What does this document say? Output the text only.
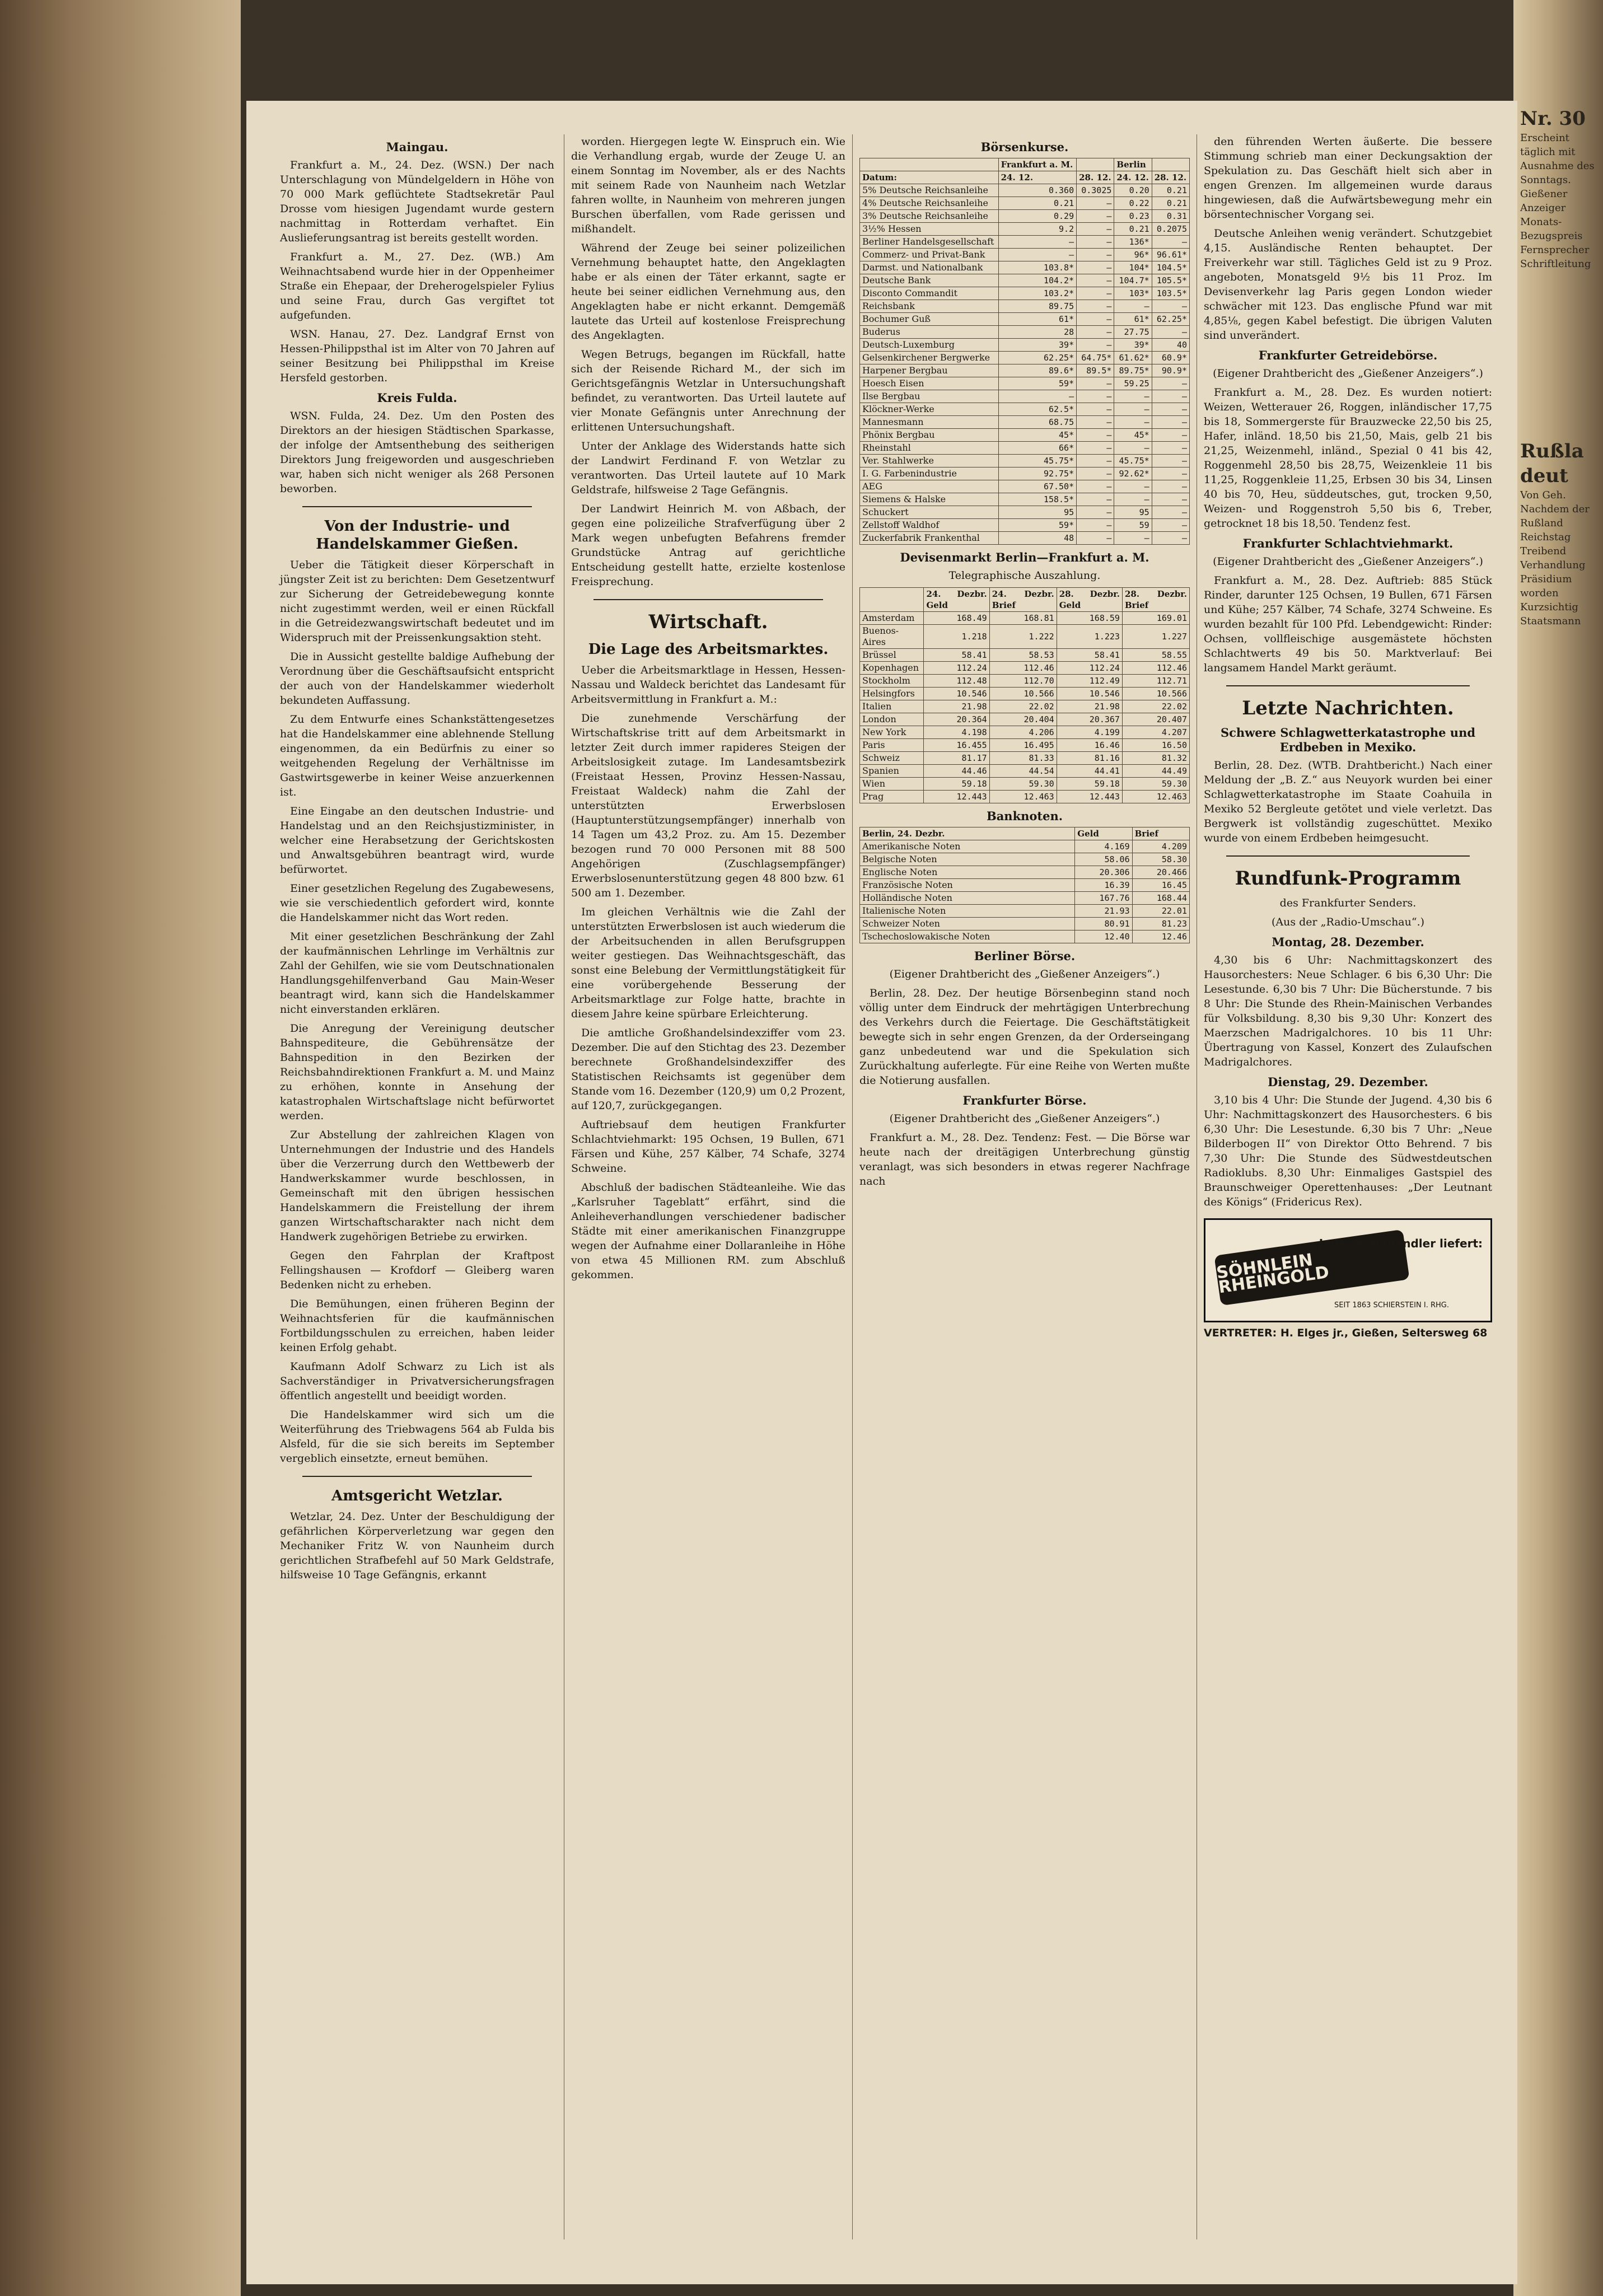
Maingau.

Frankfurt a. M., 24. Dez. (WSN.) Der nach Unterschlagung von Mündelgeldern in Höhe von 70 000 Mark geflüchtete Stadtsekretär Paul Drosse vom hiesigen Jugendamt wurde gestern nachmittag in Rotterdam verhaftet. Ein Auslieferungsantrag ist bereits gestellt worden.

Frankfurt a. M., 27. Dez. (WB.) Am Weihnachtsabend wurde hier in der Oppenheimer Straße ein Ehepaar, der Dreherogelspieler Fylius und seine Frau, durch Gas vergiftet tot aufgefunden.

WSN. Hanau, 27. Dez. Landgraf Ernst von Hessen-Philippsthal ist im Alter von 70 Jahren auf seiner Besitzung bei Philippsthal im Kreise Hersfeld gestorben.

Kreis Fulda.

WSN. Fulda, 24. Dez. Um den Posten des Direktors an der hiesigen Städtischen Sparkasse, der infolge der Amtsenthebung des seitherigen Direktors Jung freigeworden und ausgeschrieben war, haben sich nicht weniger als 268 Personen beworben.

Von der Industrie- und Handelskammer Gießen.

Ueber die Tätigkeit dieser Körperschaft in jüngster Zeit ist zu berichten: Dem Gesetzentwurf zur Sicherung der Getreidebewegung konnte nicht zugestimmt werden, weil er einen Rückfall in die Getreidezwangswirtschaft bedeutet und im Widerspruch mit der Preissenkungsaktion steht.

Die in Aussicht gestellte baldige Aufhebung der Verordnung über die Geschäftsaufsicht entspricht der auch von der Handelskammer wiederholt bekundeten Auffassung.

Zu dem Entwurfe eines Schankstättengesetzes hat die Handelskammer eine ablehnende Stellung eingenommen, da ein Bedürfnis zu einer so weitgehenden Regelung der Verhältnisse im Gastwirtsgewerbe in keiner Weise anzuerkennen ist.

Eine Eingabe an den deutschen Industrie- und Handelstag und an den Reichsjustizminister, in welcher eine Herabsetzung der Gerichtskosten und Anwaltsgebühren beantragt wird, wurde befürwortet.

Einer gesetzlichen Regelung des Zugabewesens, wie sie verschiedentlich gefordert wird, konnte die Handelskammer nicht das Wort reden.

Mit einer gesetzlichen Beschränkung der Zahl der kaufmännischen Lehrlinge im Verhältnis zur Zahl der Gehilfen, wie sie vom Deutschnationalen Handlungsgehilfenverband Gau Main-Weser beantragt wird, kann sich die Handelskammer nicht einverstanden erklären.

Die Anregung der Vereinigung deutscher Bahnspediteure, die Gebührensätze der Bahnspedition in den Bezirken der Reichsbahndirektionen Frankfurt a. M. und Mainz zu erhöhen, konnte in Ansehung der katastrophalen Wirtschaftslage nicht befürwortet werden.

Zur Abstellung der zahlreichen Klagen von Unternehmungen der Industrie und des Handels über die Verzerrung durch den Wettbewerb der Handwerkskammer wurde beschlossen, in Gemeinschaft mit den übrigen hessischen Handelskammern die Freistellung der ihrem ganzen Wirtschaftscharakter nach nicht dem Handwerk zugehörigen Betriebe zu erwirken.

Gegen den Fahrplan der Kraftpost Fellingshausen — Krofdorf — Gleiberg waren Bedenken nicht zu erheben.

Die Bemühungen, einen früheren Beginn der Weihnachtsferien für die kaufmännischen Fortbildungsschulen zu erreichen, haben leider keinen Erfolg gehabt.

Kaufmann Adolf Schwarz zu Lich ist als Sachverständiger in Privatversicherungsfragen öffentlich angestellt und beeidigt worden.

Die Handelskammer wird sich um die Weiterführung des Triebwagens 564 ab Fulda bis Alsfeld, für die sie sich bereits im September vergeblich einsetzte, erneut bemühen.

Amtsgericht Wetzlar.

Wetzlar, 24. Dez. Unter der Beschuldigung der gefährlichen Körperverletzung war gegen den Mechaniker Fritz W. von Naunheim durch gerichtlichen Strafbefehl auf 50 Mark Geldstrafe, hilfsweise 10 Tage Gefängnis, erkannt

worden. Hiergegen legte W. Einspruch ein. Wie die Verhandlung ergab, wurde der Zeuge U. an einem Sonntag im November, als er des Nachts mit seinem Rade von Naunheim nach Wetzlar fahren wollte, in Naunheim von mehreren jungen Burschen überfallen, vom Rade gerissen und mißhandelt.

Während der Zeuge bei seiner polizeilichen Vernehmung behauptet hatte, den Angeklagten habe er als einen der Täter erkannt, sagte er heute bei seiner eidlichen Vernehmung aus, den Angeklagten habe er nicht erkannt. Demgemäß lautete das Urteil auf kostenlose Freisprechung des Angeklagten.

Wegen Betrugs, begangen im Rückfall, hatte sich der Reisende Richard M., der sich im Gerichtsgefängnis Wetzlar in Untersuchungshaft befindet, zu verantworten. Das Urteil lautete auf vier Monate Gefängnis unter Anrechnung der erlittenen Untersuchungshaft.

Unter der Anklage des Widerstands hatte sich der Landwirt Ferdinand F. von Wetzlar zu verantworten. Das Urteil lautete auf 10 Mark Geldstrafe, hilfsweise 2 Tage Gefängnis.

Der Landwirt Heinrich M. von Aßbach, der gegen eine polizeiliche Strafverfügung über 2 Mark wegen unbefugten Befahrens fremder Grundstücke Antrag auf gerichtliche Entscheidung gestellt hatte, erzielte kostenlose Freisprechung.

Wirtschaft.
Die Lage des Arbeitsmarktes.

Ueber die Arbeitsmarktlage in Hessen, Hessen-Nassau und Waldeck berichtet das Landesamt für Arbeitsvermittlung in Frankfurt a. M.:

Die zunehmende Verschärfung der Wirtschaftskrise tritt auf dem Arbeitsmarkt in letzter Zeit durch immer rapideres Steigen der Arbeitslosigkeit zutage. Im Landesamtsbezirk (Freistaat Hessen, Provinz Hessen-Nassau, Freistaat Waldeck) nahm die Zahl der unterstützten Erwerbslosen (Hauptunterstützungsempfänger) innerhalb von 14 Tagen um 43,2 Proz. zu. Am 15. Dezember bezogen rund 70 000 Personen mit 88 500 Angehörigen (Zuschlagsempfänger) Erwerbslosenunterstützung gegen 48 800 bzw. 61 500 am 1. Dezember.

Im gleichen Verhältnis wie die Zahl der unterstützten Erwerbslosen ist auch wiederum die der Arbeitsuchenden in allen Berufsgruppen weiter gestiegen. Das Weihnachtsgeschäft, das sonst eine Belebung der Vermittlungstätigkeit für eine vorübergehende Besserung der Arbeitsmarktlage zur Folge hatte, brachte in diesem Jahre keine spürbare Erleichterung.

Die amtliche Großhandelsindexziffer vom 23. Dezember. Die auf den Stichtag des 23. Dezember berechnete Großhandelsindexziffer des Statistischen Reichsamts ist gegenüber dem Stande vom 16. Dezember (120,9) um 0,2 Prozent, auf 120,7, zurückgegangen.

Auftriebsauf dem heutigen Frankfurter Schlachtviehmarkt: 195 Ochsen, 19 Bullen, 671 Färsen und Kühe, 257 Kälber, 74 Schafe, 3274 Schweine.

Abschluß der badischen Städteanleihe. Wie das „Karlsruher Tageblatt“ erfährt, sind die Anleiheverhandlungen verschiedener badischer Städte mit einer amerikanischen Finanzgruppe wegen der Aufnahme einer Dollaranleihe in Höhe von etwa 45 Millionen RM. zum Abschluß gekommen.

Börsenkurse.
	Frankfurt a. M.		Berlin	
Datum:	24. 12.	28. 12.	24. 12.	28. 12.
5% Deutsche Reichsanleihe	0.360	0.3025	0.20	0.21
4% Deutsche Reichsanleihe	0.21	—	0.22	0.21
3% Deutsche Reichsanleihe	0.29	—	0.23	0.31
3½% Hessen	9.2	—	0.21	0.2075
Berliner Handelsgesellschaft	—	—	136*	—
Commerz- und Privat-Bank	—	—	96*	96.61*
Darmst. und Nationalbank	103.8*	—	104*	104.5*
Deutsche Bank	104.2*	—	104.7*	105.5*
Disconto Commandit	103.2*	—	103*	103.5*
Reichsbank	89.75	—	—	—
Bochumer Guß	61*	—	61*	62.25*
Buderus	28	—	27.75	—
Deutsch-Luxemburg	39*	—	39*	40
Gelsenkirchener Bergwerke	62.25*	64.75*	61.62*	60.9*
Harpener Bergbau	89.6*	89.5*	89.75*	90.9*
Hoesch Eisen	59*	—	59.25	—
Ilse Bergbau	—	—	—	—
Klöckner-Werke	62.5*	—	—	—
Mannesmann	68.75	—	—	—
Phönix Bergbau	45*	—	45*	—
Rheinstahl	66*	—	—	—
Ver. Stahlwerke	45.75*	—	45.75*	—
I. G. Farbenindustrie	92.75*	—	92.62*	—
AEG	67.50*	—	—	—
Siemens & Halske	158.5*	—	—	—
Schuckert	95	—	95	—
Zellstoff Waldhof	59*	—	59	—
Zuckerfabrik Frankenthal	48	—	—	—
Devisenmarkt Berlin—Frankfurt a. M.
Telegraphische Auszahlung.
	24. Dezbr. Geld	24. Dezbr. Brief	28. Dezbr. Geld	28. Dezbr. Brief
Amsterdam	168.49	168.81	168.59	169.01
Buenos-Aires	1.218	1.222	1.223	1.227
Brüssel	58.41	58.53	58.41	58.55
Kopenhagen	112.24	112.46	112.24	112.46
Stockholm	112.48	112.70	112.49	112.71
Helsingfors	10.546	10.566	10.546	10.566
Italien	21.98	22.02	21.98	22.02
London	20.364	20.404	20.367	20.407
New York	4.198	4.206	4.199	4.207
Paris	16.455	16.495	16.46	16.50
Schweiz	81.17	81.33	81.16	81.32
Spanien	44.46	44.54	44.41	44.49
Wien	59.18	59.30	59.18	59.30
Prag	12.443	12.463	12.443	12.463
Banknoten.
Berlin, 24. Dezbr.	Geld	Brief
Amerikanische Noten	4.169	4.209
Belgische Noten	58.06	58.30
Englische Noten	20.306	20.466
Französische Noten	16.39	16.45
Holländische Noten	167.76	168.44
Italienische Noten	21.93	22.01
Schweizer Noten	80.91	81.23
Tschechoslowakische Noten	12.40	12.46
Berliner Börse.
(Eigener Drahtbericht des „Gießener Anzeigers“.)

Berlin, 28. Dez. Der heutige Börsenbeginn stand noch völlig unter dem Eindruck der mehrtägigen Unterbrechung des Verkehrs durch die Feiertage. Die Geschäftstätigkeit bewegte sich in sehr engen Grenzen, da der Orderseingang ganz unbedeutend war und die Spekulation sich Zurückhaltung auferlegte. Für eine Reihe von Werten mußte die Notierung ausfallen.

Frankfurter Börse.
(Eigener Drahtbericht des „Gießener Anzeigers“.)

Frankfurt a. M., 28. Dez. Tendenz: Fest. — Die Börse war heute nach der dreitägigen Unterbrechung günstig veranlagt, was sich besonders in etwas regerer Nachfrage nach

den führenden Werten äußerte. Die bessere Stimmung schrieb man einer Deckungsaktion der Spekulation zu. Das Geschäft hielt sich aber in engen Grenzen. Im allgemeinen wurde daraus hingewiesen, daß die Aufwärtsbewegung mehr ein börsentechnischer Vorgang sei.

Deutsche Anleihen wenig verändert. Schutzgebiet 4,15. Ausländische Renten behauptet. Der Freiverkehr war still. Tägliches Geld ist zu 9 Proz. angeboten, Monatsgeld 9½ bis 11 Proz. Im Devisenverkehr lag Paris gegen London wieder schwächer mit 123. Das englische Pfund war mit 4,85⅛, gegen Kabel befestigt. Die übrigen Valuten sind unverändert.

Frankfurter Getreidebörse.
(Eigener Drahtbericht des „Gießener Anzeigers“.)

Frankfurt a. M., 28. Dez. Es wurden notiert: Weizen, Wetterauer 26, Roggen, inländischer 17,75 bis 18, Sommergerste für Brauzwecke 22,50 bis 25, Hafer, inländ. 18,50 bis 21,50, Mais, gelb 21 bis 21,25, Weizenmehl, inländ., Spezial 0 41 bis 42, Roggenmehl 28,50 bis 28,75, Weizenkleie 11 bis 11,25, Roggenkleie 11,25, Erbsen 30 bis 34, Linsen 40 bis 70, Heu, süddeutsches, gut, trocken 9,50, Weizen- und Roggenstroh 5,50 bis 6, Treber, getrocknet 18 bis 18,50. Tendenz fest.

Frankfurter Schlachtviehmarkt.
(Eigener Drahtbericht des „Gießener Anzeigers“.)

Frankfurt a. M., 28. Dez. Auftrieb: 885 Stück Rinder, darunter 125 Ochsen, 19 Bullen, 671 Färsen und Kühe; 257 Kälber, 74 Schafe, 3274 Schweine. Es wurden bezahlt für 100 Pfd. Lebendgewicht: Rinder: Ochsen, vollfleischige ausgemästete höchsten Schlachtwerts 49 bis 50. Marktverlauf: Bei langsamem Handel Markt geräumt.

Letzte Nachrichten.
Schwere Schlagwetterkatastrophe und Erdbeben in Mexiko.

Berlin, 28. Dez. (WTB. Drahtbericht.) Nach einer Meldung der „B. Z.“ aus Neuyork wurden bei einer Schlagwetterkatastrophe im Staate Coahuila in Mexiko 52 Bergleute getötet und viele verletzt. Das Bergwerk ist vollständig zugeschüttet. Mexiko wurde von einem Erdbeben heimgesucht.

Rundfunk-Programm
des Frankfurter Senders.
(Aus der „Radio-Umschau“.)
Montag, 28. Dezember.

4,30 bis 6 Uhr: Nachmittagskonzert des Hausorchesters: Neue Schlager. 6 bis 6,30 Uhr: Die Lesestunde. 6,30 bis 7 Uhr: Die Bücherstunde. 7 bis 8 Uhr: Die Stunde des Rhein-Mainischen Verbandes für Volksbildung. 8,30 bis 9,30 Uhr: Konzert des Maerzschen Madrigalchores. 10 bis 11 Uhr: Übertragung von Kassel, Konzert des Zulaufschen Madrigalchores.

Dienstag, 29. Dezember.

3,10 bis 4 Uhr: Die Stunde der Jugend. 4,30 bis 6 Uhr: Nachmittagskonzert des Hausorchesters. 6 bis 6,30 Uhr: Die Lesestunde. 6,30 bis 7 Uhr: „Neue Bilderbogen II“ von Direktor Otto Behrend. 7 bis 7,30 Uhr: Die Stunde des Südwestdeutschen Radioklubs. 8,30 Uhr: Einmaliges Gastspiel des Braunschweiger Operettenhauses: „Der Leutnant des Königs“ (Fridericus Rex).

SÖHNLEIN RHEINGOLD
Jeder Weinhändler liefert:
SEIT 1863 SCHIERSTEIN I. RHG.
VERTRETER: H. Elges jr., Gießen, Seltersweg 68
Nr. 30
Erscheint täglich mit Ausnahme des Sonntags. Gießener Anzeiger Monats-Bezugspreis Fernsprecher Schriftleitung
Rußla deut
Von Geh. Nachdem der Rußland Reichstag Treibend Verhandlung Präsidium worden Kurzsichtig Staatsmann
